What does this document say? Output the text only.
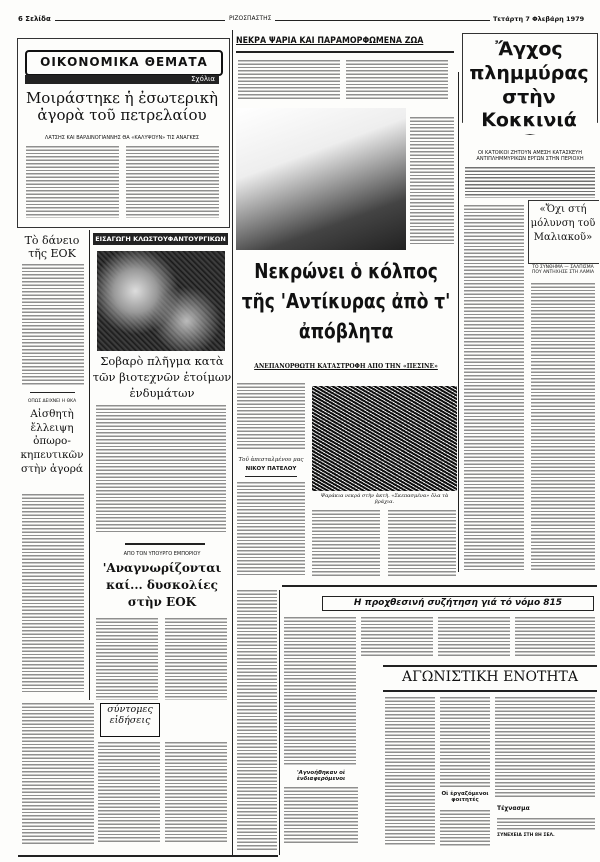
6 Σελίδα	ΡΙΖΟΣΠΑΣΤΗΣ	Τετάρτη 7 Φλεβάρη 1979
ΟΙΚΟΝΟΜΙΚΑ ΘΕΜΑΤΑ
Σχόλια
Μοιράστηκε ἡ ἐσωτερικὴ ἀγορὰ τοῦ πετρελαίου
ΛΑΤΣΗΣ ΚΑΙ ΒΑΡΔΙΝΟΓΙΑΝΝΗΣ ΘΑ «ΚΑΛΥΨΟΥΝ» ΤΙΣ ΑΝΑΓΚΕΣ
Τὸ δάνειο τῆς ΕΟΚ
ΟΠΩΣ ΔΕΙΧΝΕΙ Η ΘΚΑ
Αἰσθητὴ ἔλλειψη ὀπωρο-κηπευτικῶν στὴν ἀγορά
ΕΙΣΑΓΩΓΗ ΚΛΩΣΤΟΥΦΑΝΤΟΥΡΓΙΚΩΝ
Σοβαρὸ πλῆγμα κατὰ τῶν βιοτεχνῶν ἑτοίμων ἐνδυμάτων
ΑΠΟ ΤΟΝ ΥΠΟΥΡΓΟ ΕΜΠΟΡΙΟΥ
'Αναγνωρίζονται καί... δυσκολίες στὴν ΕΟΚ
σύντομες εἰδήσεις
ΝΕΚΡΑ ΨΑΡΙΑ ΚΑΙ ΠΑΡΑΜΟΡΦΩΜΕΝΑ ΖΩΑ
Νεκρώνει ὁ κόλπος τῆς 'Αντίκυρας ἀπὸ τ' ἀπόβλητα
ΑΝΕΠΑΝΟΡΘΩΤΗ ΚΑΤΑΣΤΡΟΦΗ ΑΠΟ ΤΗΝ «ΠΕΣΙΝΕ»
Τοῦ ἀπεσταλμένου μας
ΝΙΚΟΥ ΠΑΤΕΛΟΥ
Ψαράκια νεκρά στὴν ἀκτὴ. «Σκεπασμένα» ὅλα τὰ βράχια.
Ἄγχος πλημμύρας στὴν Κοκκινιά
ΟΙ ΚΑΤΟΙΚΟΙ ΖΗΤΟΥΝ ΑΜΕΣΗ ΚΑΤΑΣΚΕΥΗ ΑΝΤΙΠΛΗΜΜΥΡΙΚΩΝ ΕΡΓΩΝ ΣΤΗΝ ΠΕΡΙΟΧΗ
«Ὄχι στή μόλυνση τοῦ Μαλιακοῦ»
ΤΟ ΣΥΝΘΗΜΑ — ΣΑΛΠΙΣΜΑ ΠΟΥ ΑΝΤΗΧΗΣΕ ΣΤΗ ΛΑΜΙΑ
Η προχθεσινή συζήτηση γιά τό νόμο 815
ΑΓΩΝΙΣΤΙΚΗ ΕΝΟΤΗΤΑ
'Αγνοήθηκαν οἱ ἐνδιαφερόμενοι
Οἱ ἐργαζόμενοι φοιτητές
Τέχνασμα
ΣΥΝΕΧΕΙΑ ΣΤΗ 8Η ΣΕΛ.
